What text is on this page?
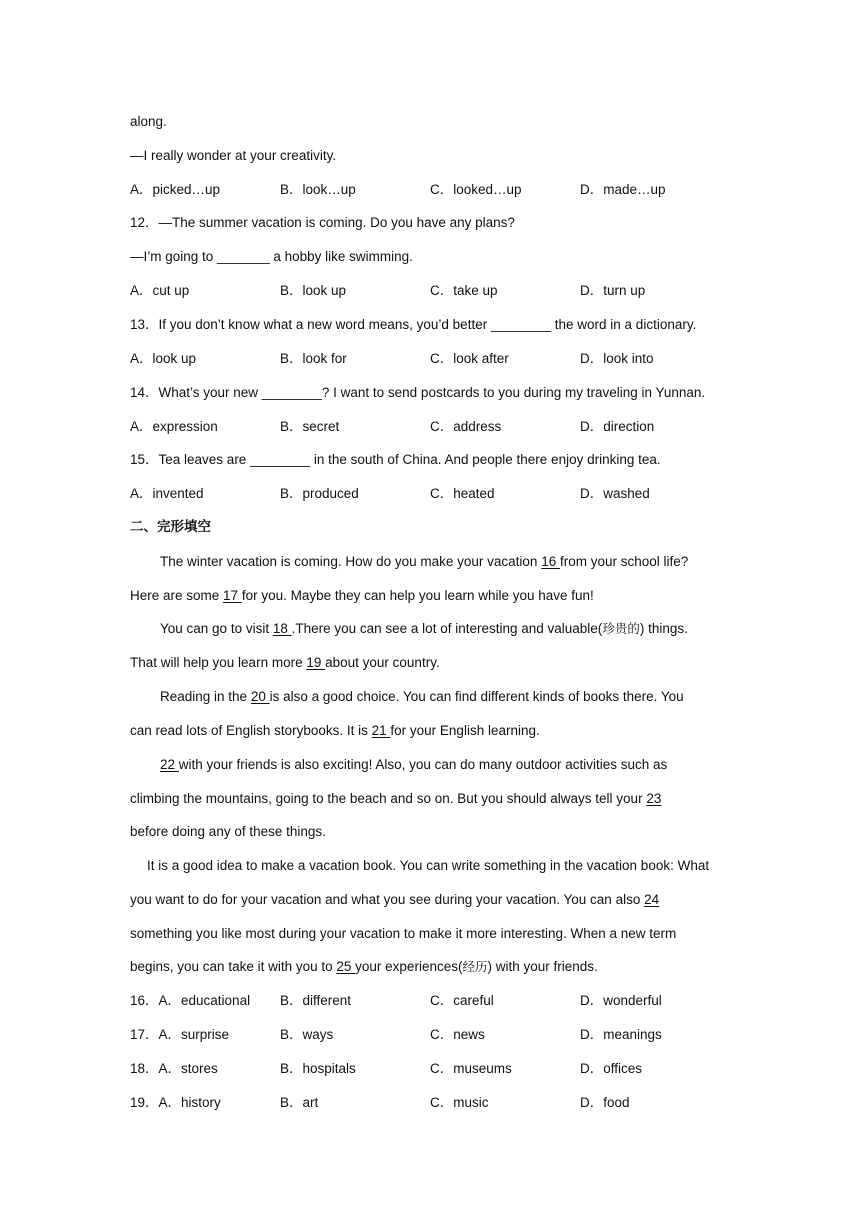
along.
—I really wonder at your creativity.
A．picked…up	B．look…up	C．looked…up	D．made…up
12．—The summer vacation is coming. Do you have any plans?
—I’m going to _______ a hobby like swimming.
A．cut up	B．look up	C．take up	D．turn up
13．If you don’t know what a new word means, you’d better ________ the word in a dictionary.
A．look up	B．look for	C．look after	D．look into
14．What’s your new ________? I want to send postcards to you during my traveling in Yunnan.
A．expression	B．secret	C．address	D．direction
15．Tea leaves are ________ in the south of China. And people there enjoy drinking tea.
A．invented	B．produced	C．heated	D．washed
二、完形填空
The winter vacation is coming. How do you make your vacation 16 from your school life?
Here are some 17 for you. Maybe they can help you learn while you have fun!
You can go to visit 18 .There you can see a lot of interesting and valuable(珍贵的) things.
That will help you learn more 19 about your country.
Reading in the 20 is also a good choice. You can find different kinds of books there. You
can read lots of English storybooks. It is 21 for your English learning.
22 with your friends is also exciting! Also, you can do many outdoor activities such as
climbing the mountains, going to the beach and so on. But you should always tell your 23
before doing any of these things.
It is a good idea to make a vacation book. You can write something in the vacation book: What
you want to do for your vacation and what you see during your vacation. You can also 24
something you like most during your vacation to make it more interesting. When a new term
begins, you can take it with you to 25 your experiences(经历) with your friends.
16．A．educational B．different	C．careful	D．wonderful
17．A．surprise	B．ways	C．news	D．meanings
18．A．stores	B．hospitals	C．museums	D．offices
19．A．history	B．art	C．music	D．food
